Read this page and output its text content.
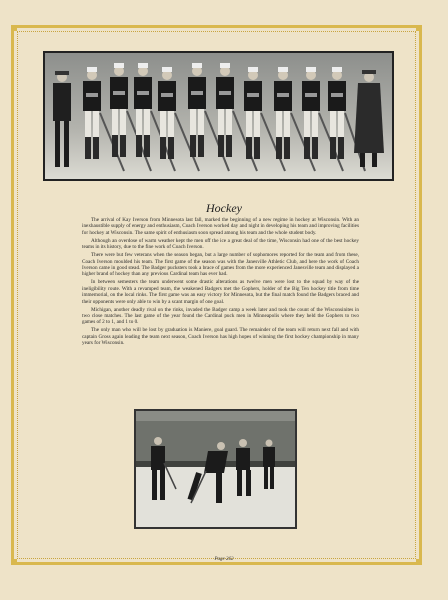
Hockey

The arrival of Kay Iverson from Minnesota last fall, marked the beginning of a new regime in hockey at Wisconsin. With an inexhaustible supply of energy and enthusiasm, Coach Iverson worked day and night in developing his team and improving facilities for hockey at Wisconsin. The same spirit of enthusiasm soon spread among his team and the whole student body.

Although an overdose of warm weather kept the men off the ice a great deal of the time, Wisconsin had one of the best hockey teams in its history, due to the fine work of Coach Iverson.

There were but few veterans when the season began, but a large number of sophomores reported for the team and from these, Coach Iverson moulded his team. The first game of the season was with the Janesville Athletic Club, and here the work of Coach Iverson came in good stead. The Badger pucksters took a brace of games from the more experienced Janesville team and displayed a higher brand of hockey than any previous Cardinal team has ever had.

In between semesters the team underwent some drastic alterations as twelve men were lost to the squad by way of the ineligibility route. With a revamped team, the weakened Badgers met the Gophers, holder of the Big Ten hockey title from time immemorial, on the local rinks. The first game was an easy victory for Minnesota, but the final match found the Badgers braced and their opponents were only able to win by a scant margin of one goal.

Michigan, another deadly rival on the rinks, invaded the Badger camp a week later and took the count of the Wisconsinites in two close matches. The last game of the year found the Cardinal puck men in Minneapolis where they held the Gophers to two games of 2 to 1, and 1 to 0.

The only man who will be lost by graduation is Maniere, goal guard. The remainder of the team will return next fall and with captain Gross again leading the team next season, Coach Iverson has high hopes of winning the first hockey championship in many years for Wisconsin.

Page 262
